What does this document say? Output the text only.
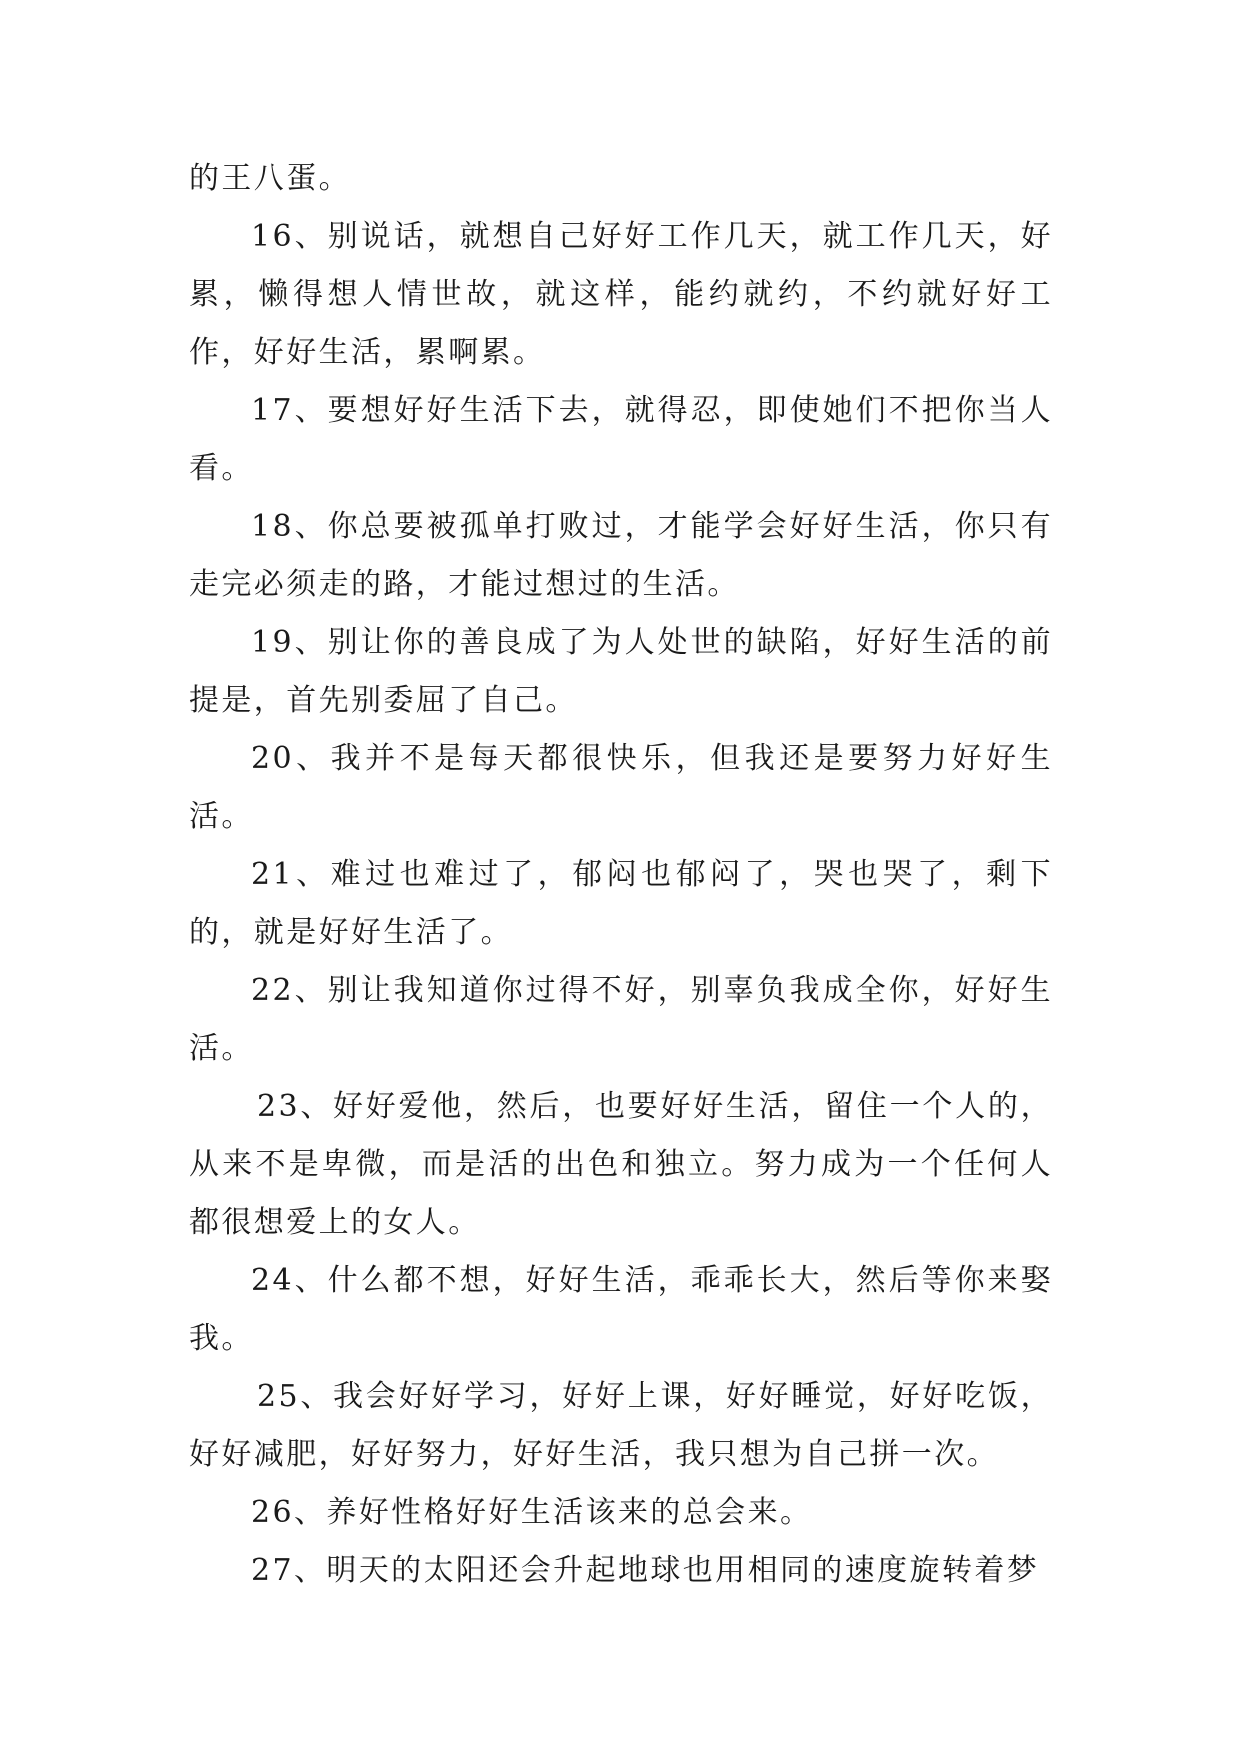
的王八蛋。

16、别说话，就想自己好好工作几天，就工作几天，好累，懒得想人情世故，就这样，能约就约，不约就好好工作，好好生活，累啊累。

17、要想好好生活下去，就得忍，即使她们不把你当人看。

18、你总要被孤单打败过，才能学会好好生活，你只有走完必须走的路，才能过想过的生活。

19、别让你的善良成了为人处世的缺陷，好好生活的前提是，首先别委屈了自己。

20、我并不是每天都很快乐，但我还是要努力好好生活。

21、难过也难过了，郁闷也郁闷了，哭也哭了，剩下的，就是好好生活了。

22、别让我知道你过得不好，别辜负我成全你，好好生活。

23、好好爱他，然后，也要好好生活，留住一个人的，从来不是卑微，而是活的出色和独立。努力成为一个任何人都很想爱上的女人。

24、什么都不想，好好生活，乖乖长大，然后等你来娶我。

25、我会好好学习，好好上课，好好睡觉，好好吃饭，好好减肥，好好努力，好好生活，我只想为自己拼一次。

26、养好性格好好生活该来的总会来。

27、明天的太阳还会升起地球也用相同的速度旋转着梦
